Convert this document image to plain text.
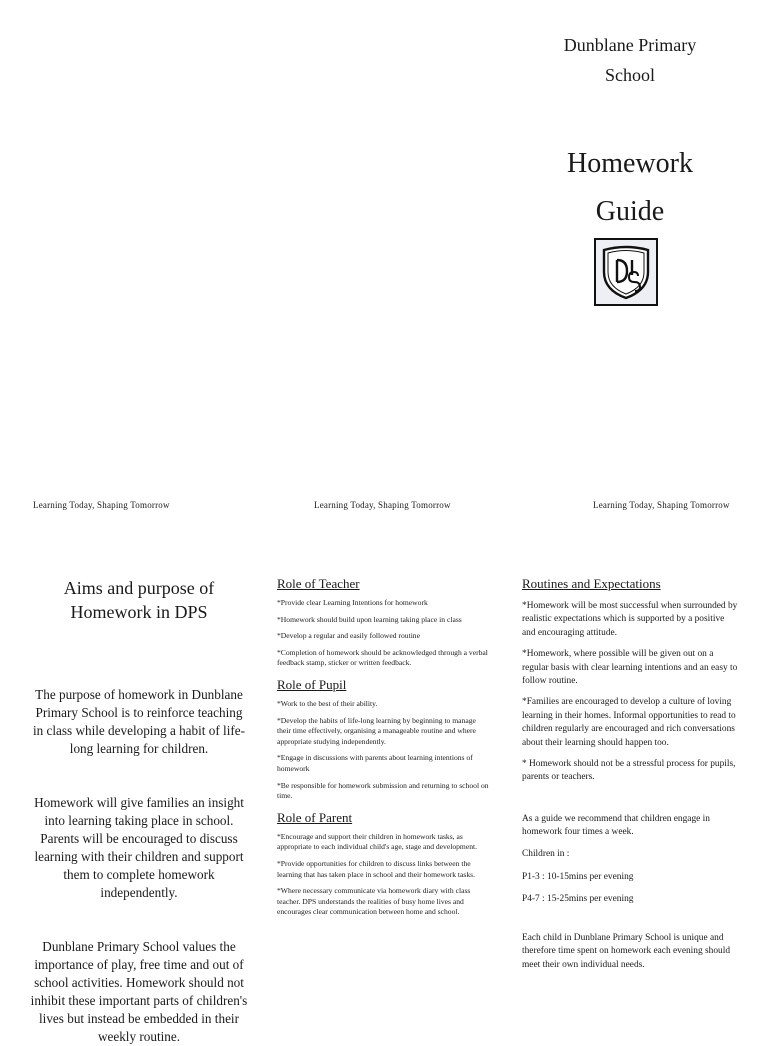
Dunblane Primary
School
Homework
Guide
Learning Today, Shaping Tomorrow	Learning Today, Shaping Tomorrow	Learning Today, Shaping Tomorrow
Aims and purpose of Homework in DPS

The purpose of homework in Dunblane Primary School is to reinforce teaching in class while developing a habit of life-long learning for children.

Homework will give families an insight into learning taking place in school. Parents will be encouraged to discuss learning with their children and support them to complete homework independently.

Dunblane Primary School values the importance of play, free time and out of school activities. Homework should not inhibit these important parts of children's lives but instead be embedded in their weekly routine.

Role of Teacher
*Provide clear Learning Intentions for homework
*Homework should build upon learning taking place in class
*Develop a regular and easily followed routine
*Completion of homework should be acknowledged through a verbal feedback stamp, sticker or written feedback.
Role of Pupil
*Work to the best of their ability.
*Develop the habits of life-long learning by beginning to manage their time effectively, organising a manageable routine and where appropriate studying independently.
*Engage in discussions with parents about learning intentions of homework
*Be responsible for homework submission and returning to school on time.
Role of Parent
*Encourage and support their children in homework tasks, as appropriate to each individual child's age, stage and development.
*Provide opportunities for children to discuss links between the learning that has taken place in school and their homework tasks.
*Where necessary communicate via homework diary with class teacher. DPS understands the realities of busy home lives and encourages clear communication between home and school.
Routines and Expectations
*Homework will be most successful when surrounded by realistic expectations which is supported by a positive and encouraging attitude.
*Homework, where possible will be given out on a regular basis with clear learning intentions and an easy to follow routine.
*Families are encouraged to develop a culture of loving learning in their homes. Informal opportunities to read to children regularly are encouraged and rich conversations about their learning should happen too.
* Homework should not be a stressful process for pupils, parents or teachers.

As a guide we recommend that children engage in homework four times a week.

Children in :

P1-3 : 10-15mins per evening

P4-7 : 15-25mins per evening

Each child in Dunblane Primary School is unique and therefore time spent on homework each evening should meet their own individual needs.
